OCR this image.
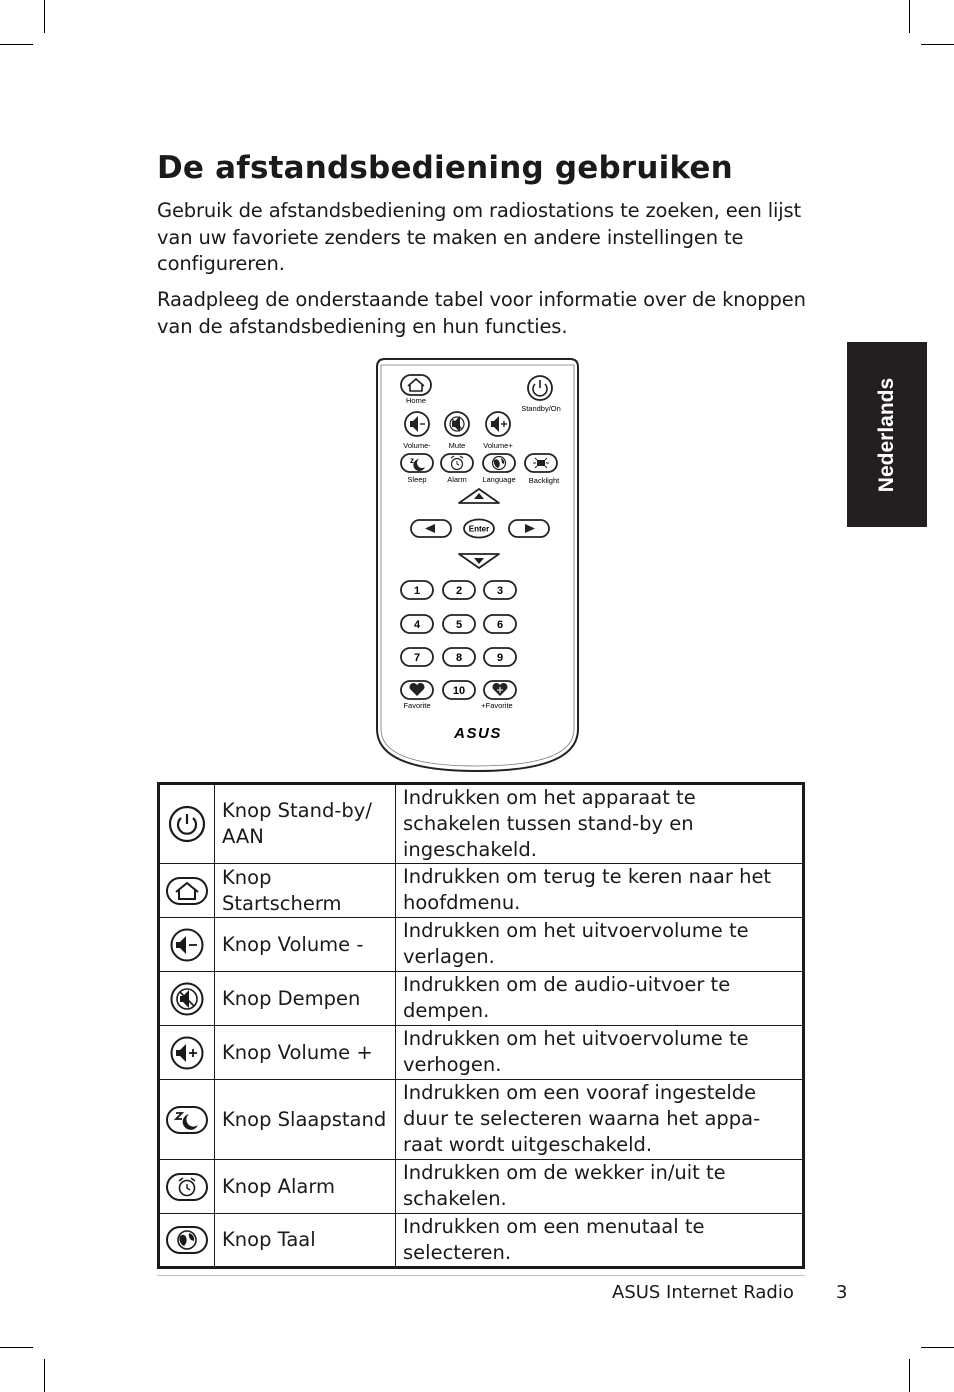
De afstandsbediening gebruiken

Gebruik de afstandsbediening om radiostations te zoeken, een lijst van uw favoriete zenders te maken en andere instellingen te configureren.

Raadpleeg de onderstaande tabel voor informatie over de knoppen van de afstandsbediening en hun functies.

Nederlands
Home
Standby/On
Volume- Mute Volume+
z
Sleep	Alarm Language Backlight
Enter
1	2	3
4	5	6
7	8	9
10
Favorite	+Favorite
ASUS
	Knop Stand-by/ AAN	Indrukken om het apparaat te schakelen tussen stand-by en ingeschakeld.

	Knop Startscherm	Indrukken om terug te keren naar het hoofdmenu.

	Knop Volume -	Indrukken om het uitvoervolume te verlagen.

	Knop Dempen	Indrukken om de audio-uitvoer te dempen.

	Knop Volume +	Indrukken om het uitvoervolume te verhogen.

	Knop Slaapstand	Indrukken om een vooraf ingestelde duur te selecteren waarna het appa-raat wordt uitgeschakeld.

	Knop Alarm	Indrukken om de wekker in/uit te schakelen.

	Knop Taal	Indrukken om een menutaal te selecteren.
ASUS Internet Radio 3
